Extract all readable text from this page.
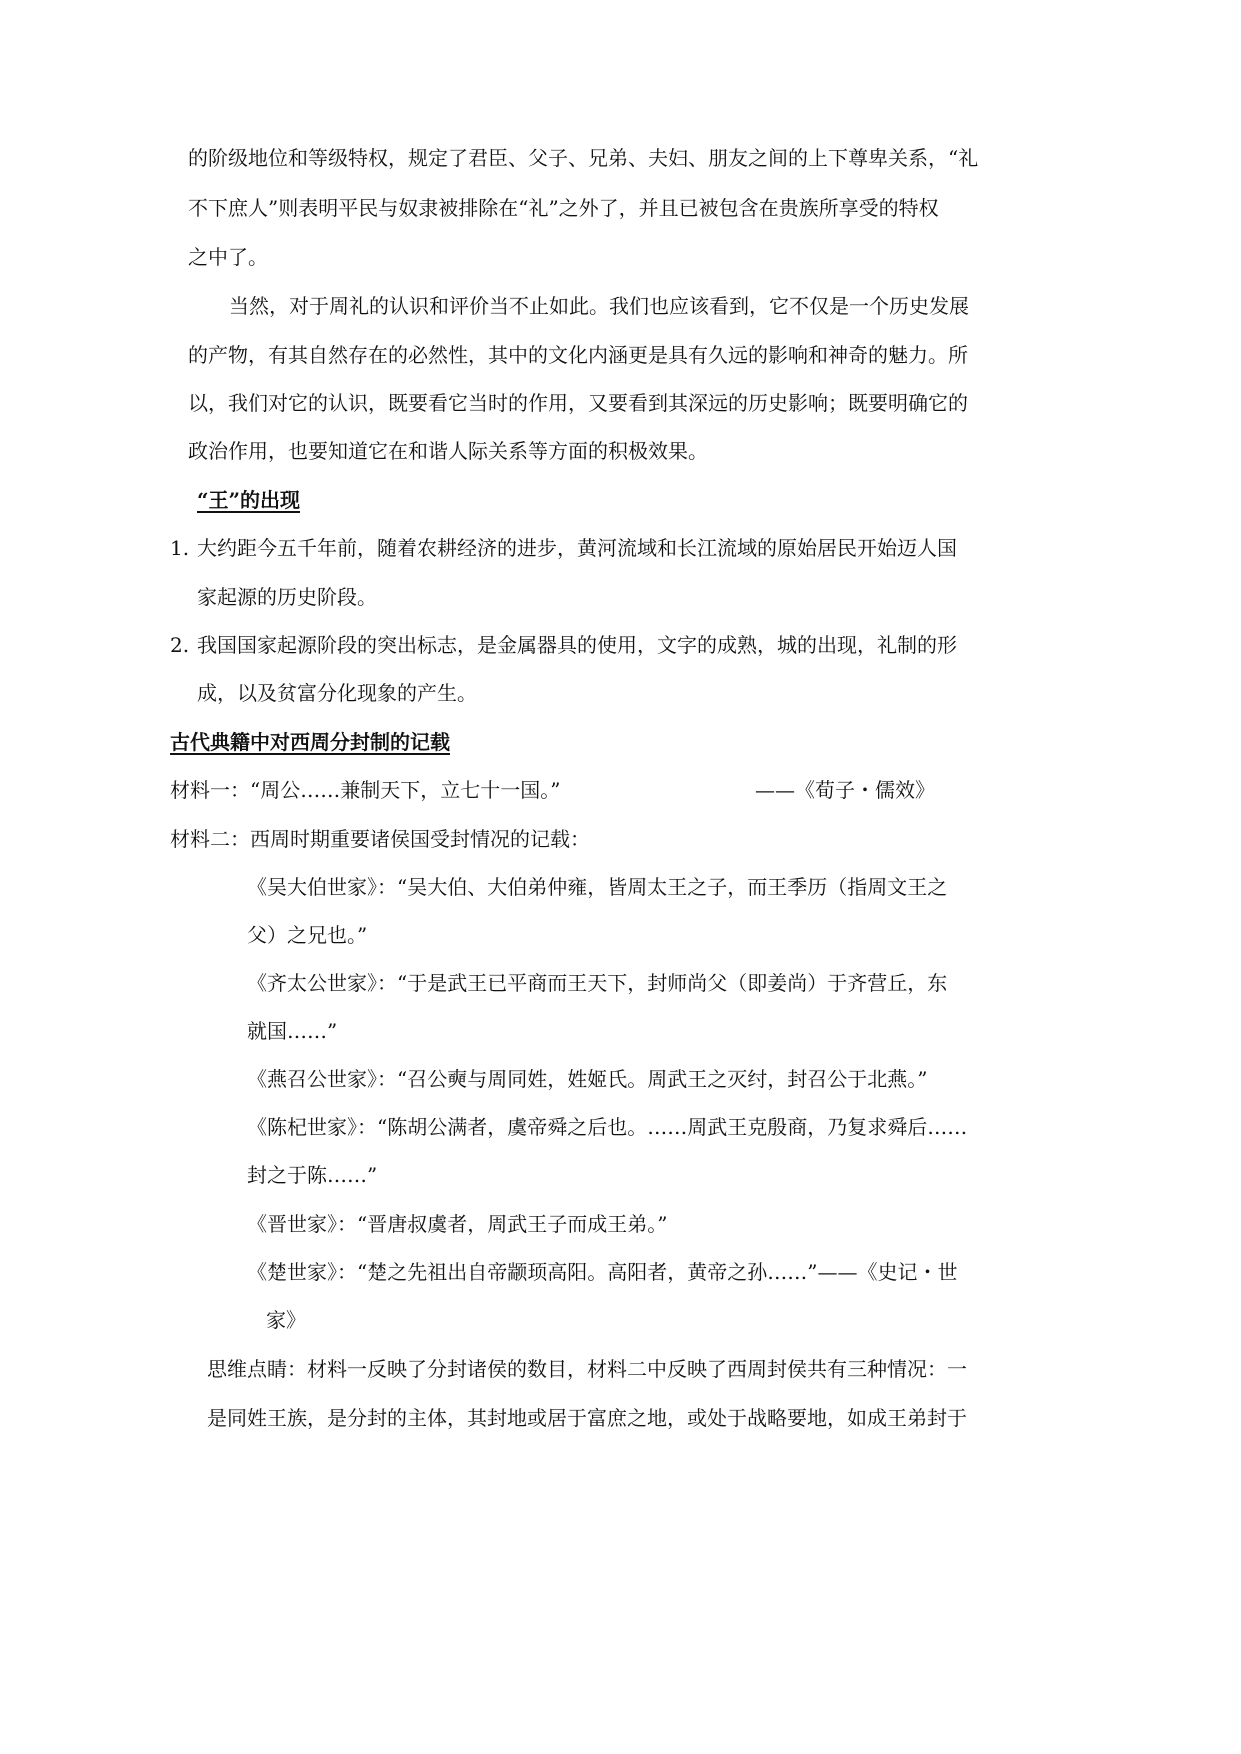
的阶级地位和等级特权，规定了君臣、父子、兄弟、夫妇、朋友之间的上下尊卑关系，“礼
不下庶人”则表明平民与奴隶被排除在“礼”之外了，并且已被包含在贵族所享受的特权
之中了。
当然，对于周礼的认识和评价当不止如此。我们也应该看到，它不仅是一个历史发展
的产物，有其自然存在的必然性，其中的文化内涵更是具有久远的影响和神奇的魅力。所
以，我们对它的认识，既要看它当时的作用，又要看到其深远的历史影响；既要明确它的
政治作用，也要知道它在和谐人际关系等方面的积极效果。
“王”的出现
1. 大约距今五千年前，随着农耕经济的进步，黄河流域和长江流域的原始居民开始迈人国
家起源的历史阶段。
2. 我国国家起源阶段的突出标志，是金属器具的使用，文字的成熟，城的出现，礼制的形
成，以及贫富分化现象的产生。
古代典籍中对西周分封制的记载
材料一：“周公……兼制天下，立七十一国。”	——《荀子・儒效》
材料二：西周时期重要诸侯国受封情况的记载：
《吴大伯世家》：“吴大伯、大伯弟仲雍，皆周太王之子，而王季历（指周文王之
父）之兄也。”
《齐太公世家》：“于是武王已平商而王天下，封师尚父（即姜尚）于齐营丘，东
就国……”
《燕召公世家》：“召公奭与周同姓，姓姬氏。周武王之灭纣，封召公于北燕。”
《陈杞世家》：“陈胡公满者，虞帝舜之后也。……周武王克殷商，乃复求舜后……
封之于陈……”
《晋世家》：“晋唐叔虞者，周武王子而成王弟。”
《楚世家》：“楚之先祖出自帝颛顼高阳。高阳者，黄帝之孙……”——《史记・世
家》
思维点睛：材料一反映了分封诸侯的数目，材料二中反映了西周封侯共有三种情况：一
是同姓王族，是分封的主体，其封地或居于富庶之地，或处于战略要地，如成王弟封于
